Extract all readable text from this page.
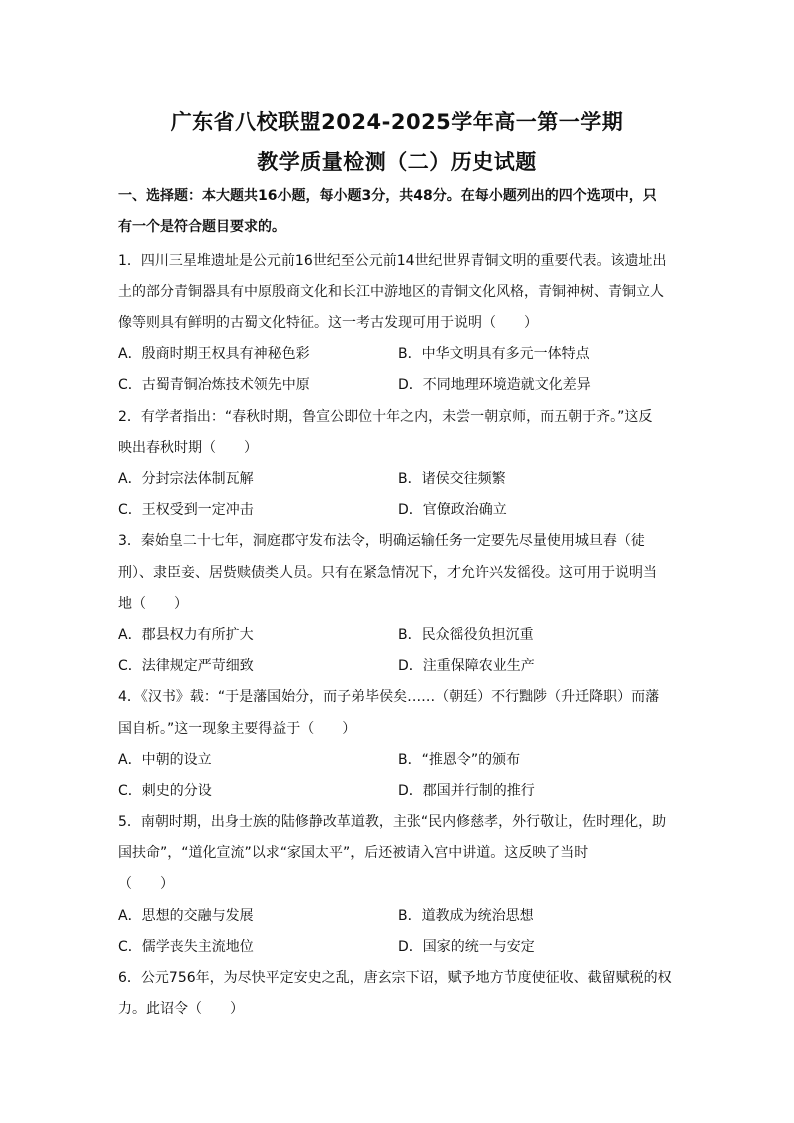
广东省八校联盟2024-2025学年高一第一学期
教学质量检测（二）历史试题
一、选择题：本大题共16小题，每小题3分，共48分。在每小题列出的四个选项中，只
有一个是符合题目要求的。
1．四川三星堆遗址是公元前16世纪至公元前14世纪世界青铜文明的重要代表。该遗址出
土的部分青铜器具有中原殷商文化和长江中游地区的青铜文化风格，青铜神树、青铜立人
像等则具有鲜明的古蜀文化特征。这一考古发现可用于说明（　　）
A．殷商时期王权具有神秘色彩	B．中华文明具有多元一体特点
C．古蜀青铜冶炼技术领先中原	D．不同地理环境造就文化差异
2．有学者指出：“春秋时期，鲁宣公即位十年之内，未尝一朝京师，而五朝于齐。”这反
映出春秋时期（　　）
A．分封宗法体制瓦解	B．诸侯交往频繁
C．王权受到一定冲击	D．官僚政治确立
3．秦始皇二十七年，洞庭郡守发布法令，明确运输任务一定要先尽量使用城旦舂（徒
刑）、隶臣妾、居赀赎债类人员。只有在紧急情况下，才允许兴发徭役。这可用于说明当
地（　　）
A．郡县权力有所扩大	B．民众徭役负担沉重
C．法律规定严苛细致	D．注重保障农业生产
4．《汉书》载：“于是藩国始分，而子弟毕侯矣……（朝廷）不行黜陟（升迁降职）而藩
国自析。”这一现象主要得益于（　　）
A．中朝的设立	B．“推恩令”的颁布
C．刺史的分设	D．郡国并行制的推行
5．南朝时期，出身士族的陆修静改革道教，主张“民内修慈孝，外行敬让，佐时理化，助
国扶命”，“道化宣流”以求“家国太平”，后还被请入宫中讲道。这反映了当时
（　　）
A．思想的交融与发展	B．道教成为统治思想
C．儒学丧失主流地位	D．国家的统一与安定
6．公元756年，为尽快平定安史之乱，唐玄宗下诏，赋予地方节度使征收、截留赋税的权
力。此诏令（　　）
